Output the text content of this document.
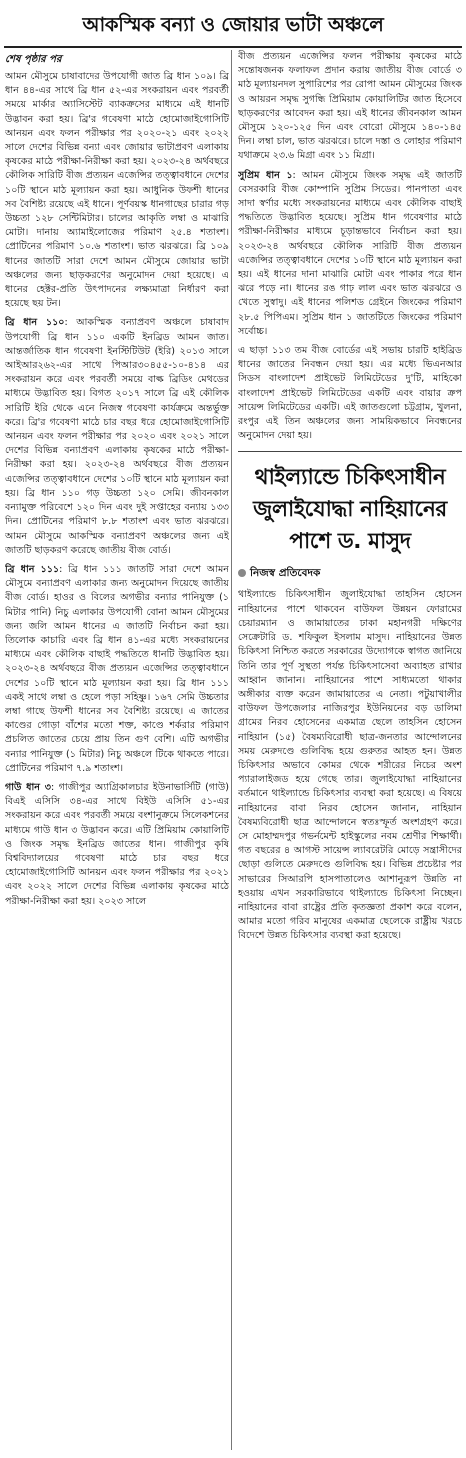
আকস্মিক বন্যা ও জোয়ার ভাটা অঞ্চলে

শেষ পৃষ্ঠার পর

আমন মৌসুমে চাষাবাদের উপযোগী জাত ব্রি ধান ১০৯। ব্রি ধান ৪৪-এর সাথে ব্রি ধান ৫২-এর সংকরায়ন এবং পরবর্তী সময়ে মার্কার অ্যাসিস্টেট ব্যাকক্রসের মাধ্যমে এই ধানটি উদ্ভাবন করা হয়। ব্রি'র গবেষণা মাঠে হোমোজাইগোসিটি আনয়ন এবং ফলন পরীক্ষার পর ২০২০-২১ এবং ২০২২ সালে দেশের বিভিন্ন বন্যা এবং জোয়ার ভাটাপ্রবণ এলাকায় কৃষকের মাঠে পরীক্ষা-নিরীক্ষা করা হয়। ২০২৩-২৪ অর্থবছরে কৌলিক সারিটি বীজ প্রত্যয়ন এজেন্সির তত্ত্বাবধানে দেশের ১০টি স্থানে মাঠ মূল্যায়ন করা হয়। আধুনিক উফশী ধানের সব বৈশিষ্ট্য রয়েছে এই ধানে। পূর্ণবয়স্ক ধানগাছের চারার গড় উচ্চতা ১২৮ সেন্টিমিটার। চালের আকৃতি লম্বা ও মাঝারি মোটা। দানায় অ্যামাইলোজের পরিমাণ ২৫.৪ শতাংশ। প্রোটিনের পরিমাণ ১০.৬ শতাংশ। ভাত ঝরঝরে। ব্রি ১০৯ ধানের জাতটি সারা দেশে আমন মৌসুমে জোয়ার ভাটা অঞ্চলের জন্য ছাড়করণের অনুমোদন দেয়া হয়েছে। এ ধানের হেক্টর-প্রতি উৎপাদনের লক্ষ্যমাত্রা নির্ধারণ করা হয়েছে ছয় টন।

ব্রি ধান ১১০: আকস্মিক বন্যাপ্রবণ অঞ্চলে চাষাবাদ উপযোগী ব্রি ধান ১১০ একটি ইনব্রিড আমন জাত। আন্তর্জাতিক ধান গবেষণা ইনস্টিটিউট (ইরি) ২০১৩ সালে আইআর২৬২-এর সাথে পিআর৩০৪৫৫-১০-৪১৪ এর সংকরায়ন করে এবং পরবর্তী সময়ে বাল্ক ব্রিডিং মেথডের মাধ্যমে উদ্ভাবিত হয়। বিগত ২০১৭ সালে ব্রি এই কৌলিক সারিটি ইরি থেকে এনে নিজস্ব গবেষণা কার্যক্রমে অন্তর্ভুক্ত করে। ব্রি'র গবেষণা মাঠে চার বছর ধরে হোমোজাইগোসিটি আনয়ন এবং ফলন পরীক্ষার পর ২০২০ এবং ২০২১ সালে দেশের বিভিন্ন বন্যাপ্রবণ এলাকায় কৃষকের মাঠে পরীক্ষা-নিরীক্ষা করা হয়। ২০২৩-২৪ অর্থবছরে বীজ প্রত্যয়ন এজেন্সির তত্ত্বাবধানে দেশের ১০টি স্থানে মাঠ মূল্যায়ন করা হয়। ব্রি ধান ১১০ গড় উচ্চতা ১২০ সেমি। জীবনকাল বন্যামুক্ত পরিবেশে ১২০ দিন এবং দুই সপ্তাহের বন্যায় ১৩৩ দিন। প্রোটিনের পরিমাণ ৮.৮ শতাংশ এবং ভাত ঝরঝরে। আমন মৌসুমে আকস্মিক বন্যাপ্রবণ অঞ্চলের জন্য এই জাতটি ছাড়করণ করেছে জাতীয় বীজ বোর্ড।

ব্রি ধান ১১১: ব্রি ধান ১১১ জাতটি সারা দেশে আমন মৌসুমে বন্যাপ্রবণ এলাকার জন্য অনুমোদন দিয়েছে জাতীয় বীজ বোর্ড। হাওর ও বিলের অগভীর বন্যার পানিযুক্ত (১ মিটার পানি) নিচু এলাকার উপযোগী বোনা আমন মৌসুমের জন্য জলি আমন ধানের এ জাতটি নির্বাচন করা হয়। তিলোক কাচারি এবং ব্রি ধান ৪১-এর মধ্যে সংকরায়নের মাধ্যমে এবং কৌলিক বাছাই পদ্ধতিতে ধানটি উদ্ভাবিত হয়। ২০২৩-২৪ অর্থবছরে বীজ প্রত্যয়ন এজেন্সির তত্ত্বাবধানে দেশের ১০টি স্থানে মাঠ মূল্যায়ন করা হয়। ব্রি ধান ১১১ একই সাথে লম্বা ও হেলে পড়া সহিষ্ণু। ১৬৭ সেমি উচ্চতার লম্বা গাছে উফশী ধানের সব বৈশিষ্ট্য রয়েছে। এ জাতের কাণ্ডের গোড়া বাঁশের মতো শক্ত, কাণ্ডে শর্করার পরিমাণ প্রচলিত জাতের চেয়ে প্রায় তিন গুণ বেশি। এটি অগভীর বন্যার পানিযুক্ত (১ মিটার) নিচু অঞ্চলে টিকে থাকতে পারে। প্রোটিনের পরিমাণ ৭.৯ শতাংশ।

গাউ ধান ৩: গাজীপুর অ্যাগ্রিকালচার ইউনাভার্সিটি (গাউ) বিএই এসিসি ৩৪-এর সাথে বিইউ এসিসি ৫১-এর সংকরায়ন করে এবং পরবর্তী সময়ে বংশানুক্রমে সিলেকশনের মাধ্যমে গাউ ধান ৩ উদ্ভাবন করে। এটি প্রিমিয়াম কোয়ালিটি ও জিংক সমৃদ্ধ ইনব্রিড জাতের ধান। গাজীপুর কৃষি বিশ্ববিদ্যালয়ের গবেষণা মাঠে চার বছর ধরে হোমোজাইগোসিটি আনয়ন এবং ফলন পরীক্ষার পর ২০২১ এবং ২০২২ সালে দেশের বিভিন্ন এলাকায় কৃষকের মাঠে পরীক্ষা-নিরীক্ষা করা হয়। ২০২৩ সালে

বীজ প্রত্যয়ন এজেন্সির ফলন পরীক্ষায় কৃষকের মাঠে সন্তোষজনক ফলাফল প্রদান করায় জাতীয় বীজ বোর্ডে ৩ মাঠ মূল্যায়নদল সুপারিশের পর রোপা আমন মৌসুমের জিংক ও আয়রন সমৃদ্ধ সুগন্ধি প্রিমিয়াম কোয়ালিটির জাত হিসেবে ছাড়করণের আবেদন করা হয়। এই ধানের জীবনকাল আমন মৌসুমে ১২০-১২৫ দিন এবং বোরো মৌসুমে ১৪০-১৪৫ দিন। লম্বা চাল, ভাত ঝরঝরে। চালে দস্তা ও লোহার পরিমাণ যথাক্রমে ২৩.৬ মিগ্রা এবং ১১ মিগ্রা।

সুপ্রিম ধান ১: আমন মৌসুমে জিংক সমৃদ্ধ এই জাতটি বেসরকারি বীজ কোম্পানি সুপ্রিম সিডের। পানপাতা এবং সাদা স্বর্ণার মধ্যে সংকরায়নের মাধ্যমে এবং কৌলিক বাছাই পদ্ধতিতে উদ্ভাবিত হয়েছে। সুপ্রিম ধান গবেষণার মাঠে পরীক্ষা-নিরীক্ষার মাধ্যমে চূড়ান্তভাবে নির্বাচন করা হয়। ২০২৩-২৪ অর্থবছরে কৌলিক সারিটি বীজ প্রত্যয়ন এজেন্সির তত্ত্বাবধানে দেশের ১০টি স্থানে মাঠ মূল্যায়ন করা হয়। এই ধানের দানা মাঝারি মোটা এবং পাকার পরে ধান ঝরে পড়ে না। ধানের রঙ গাঢ় লাল এবং ভাত ঝরঝরে ও খেতে সুস্বাদু। এই ধানের পলিশড গ্রেইনে জিংকের পরিমাণ ২৮.৫ পিপিএম। সুপ্রিম ধান ১ জাতটিতে জিংকের পরিমাণ সর্বোচ্চ।

এ ছাড়া ১১৩ তম বীজ বোর্ডের এই সভায় চারটি হাইব্রিড ধানের জাতের নিবন্ধন দেয়া হয়। এর মধ্যে ভিএনআর সিডস বাংলাদেশ প্রাইভেট লিমিটেডের দু'টি, মাহিকো বাংলাদেশ প্রাইভেট লিমিটেডের একটি এবং বায়ার ক্রপ সায়েন্স লিমিটেডের একটি। এই জাতগুলো চট্টগ্রাম, খুলনা, রংপুর এই তিন অঞ্চলের জন্য সাময়িকভাবে নিবন্ধনের অনুমোদন দেয়া হয়।

থাইল্যান্ডে চিকিৎসাধীন জুলাইযোদ্ধা নাহিয়ানের পাশে ড. মাসুদ
নিজস্ব প্রতিবেদক

থাইল্যান্ডে চিকিৎসাধীন জুলাইযোদ্ধা তাহসিন হোসেন নাহিয়ানের পাশে থাকবেন বাউফল উন্নয়ন ফোরামের চেয়ারম্যান ও জামায়াতের ঢাকা মহানগরী দক্ষিণের সেক্রেটারি ড. শফিকুল ইসলাম মাসুদ। নাহিয়ানের উন্নত চিকিৎসা নিশ্চিত করতে সরকারের উদ্যোগকে স্বাগত জানিয়ে তিনি তার পূর্ণ সুস্থতা পর্যন্ত চিকিৎসাসেবা অব্যাহত রাখার আহ্বান জানান। নাহিয়ানের পাশে সাধ্যমতো থাকার অঙ্গীকার ব্যক্ত করেন জামায়াতের এ নেতা। পটুয়াখালীর বাউফল উপজেলার নাজিরপুর ইউনিয়নের বড় ডালিমা গ্রামের নিরব হোসেনের একমাত্র ছেলে তাহসিন হোসেন নাহিয়ান (১৫) বৈষম্যবিরোধী ছাত্র-জনতার আন্দোলনের সময় মেরুদণ্ডে গুলিবিদ্ধ হয়ে গুরুতর আহত হন। উন্নত চিকিৎসার অভাবে কোমর থেকে শরীরের নিচের অংশ প্যারালাইজড হয়ে গেছে তার। জুলাইযোদ্ধা নাহিয়ানের বর্তমানে থাইল্যান্ডে চিকিৎসার ব্যবস্থা করা হয়েছে। এ বিষয়ে নাহিয়ানের বাবা নিরব হোসেন জানান, নাহিয়ান বৈষম্যবিরোধী ছাত্র আন্দোলনে স্বতঃস্ফূর্ত অংশগ্রহণ করে। সে মোহাম্মদপুর গভর্নমেন্ট হাইস্কুলের নবম শ্রেণীর শিক্ষার্থী। গত বছরের ৪ আগস্ট সায়েন্স ল্যাবরেটরি মোড়ে সন্ত্রাসীদের ছোড়া গুলিতে মেরুদণ্ডে গুলিবিদ্ধ হয়। বিভিন্ন প্রচেষ্টার পর সাভারের সিআরপি হাসপাতালেও আশানুরূপ উন্নতি না হওয়ায় এখন সরকারিভাবে থাইল্যান্ডে চিকিৎসা নিচ্ছেন। নাহিয়ানের বাবা রাষ্ট্রের প্রতি কৃতজ্ঞতা প্রকাশ করে বলেন, আমার মতো গরিব মানুষের একমাত্র ছেলেকে রাষ্ট্রীয় খরচে বিদেশে উন্নত চিকিৎসার ব্যবস্থা করা হয়েছে।
